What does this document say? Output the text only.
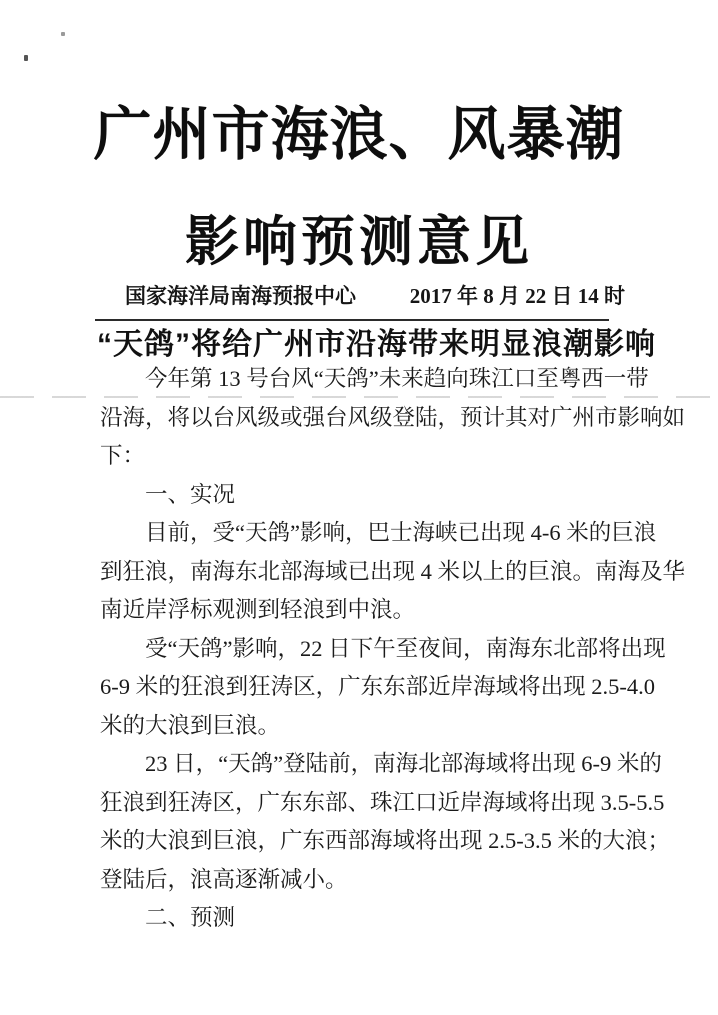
广州市海浪、风暴潮
影响预测意见
国家海洋局南海预报中心	2017 年 8 月 22 日 14 时
“天鸽”将给广州市沿海带来明显浪潮影响
今年第 13 号台风“天鸽”未来趋向珠江口至粤西一带
沿海，将以台风级或强台风级登陆，预计其对广州市影响如
下：
一、实况
目前，受“天鸽”影响，巴士海峡已出现 4-6 米的巨浪
到狂浪，南海东北部海域已出现 4 米以上的巨浪。南海及华
南近岸浮标观测到轻浪到中浪。
受“天鸽”影响，22 日下午至夜间，南海东北部将出现
6-9 米的狂浪到狂涛区，广东东部近岸海域将出现 2.5-4.0
米的大浪到巨浪。
23 日，“天鸽”登陆前，南海北部海域将出现 6-9 米的
狂浪到狂涛区，广东东部、珠江口近岸海域将出现 3.5-5.5
米的大浪到巨浪，广东西部海域将出现 2.5-3.5 米的大浪；
登陆后，浪高逐渐减小。
二、预测
